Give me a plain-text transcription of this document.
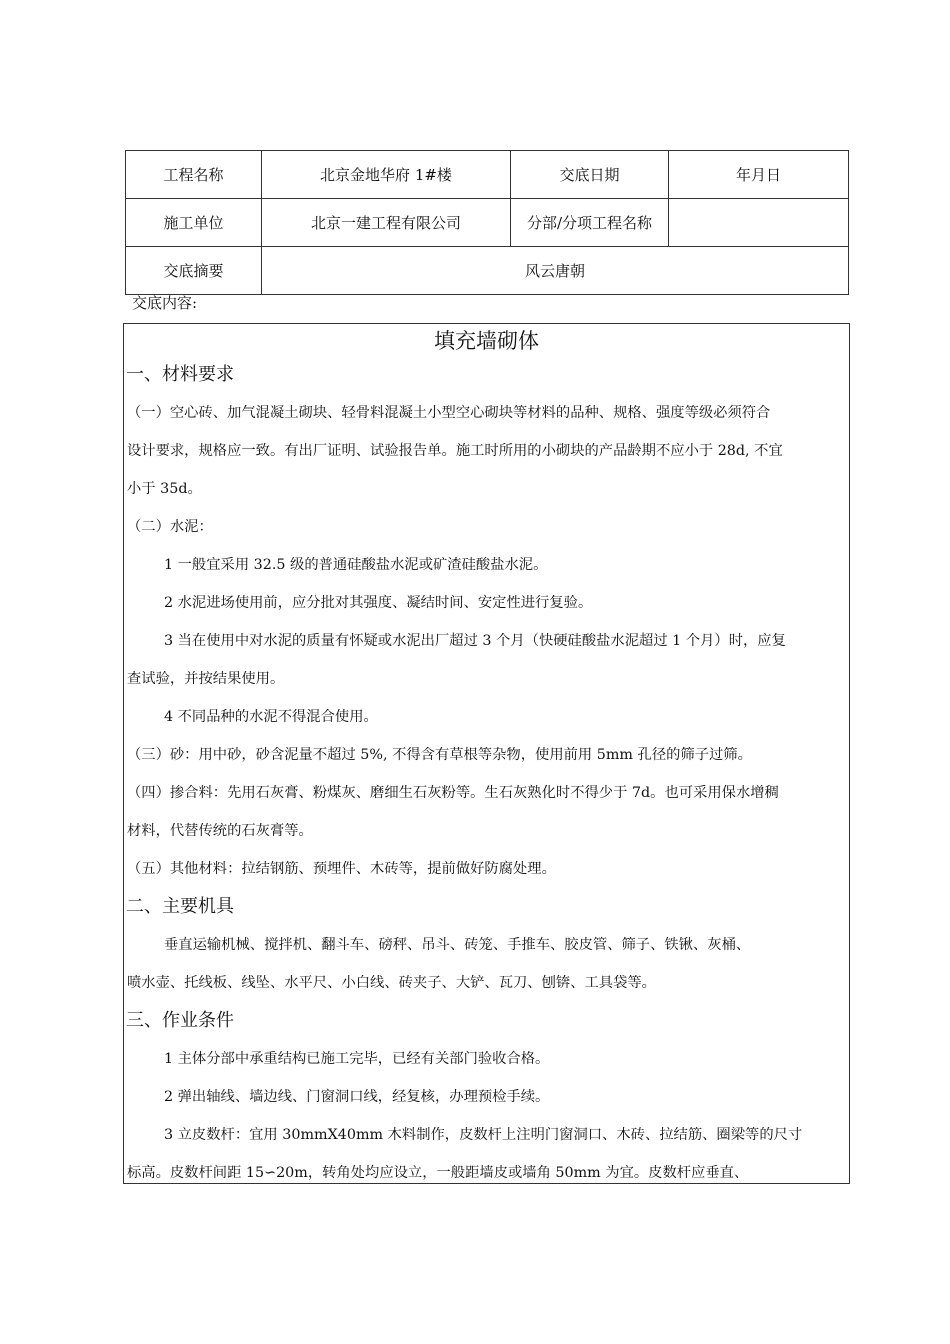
工程名称	北京金地华府 1#楼	交底日期	年月日
施工单位	北京一建工程有限公司	分部/分项工程名称	
交底摘要	风云唐朝		
交底内容:
填充墙砌体
一、材料要求
（一）空心砖、加气混凝土砌块、轻骨料混凝土小型空心砌块等材料的品种、规格、强度等级必须符合
设计要求，规格应一致。有出厂证明、试验报告单。施工时所用的小砌块的产品龄期不应小于 28d, 不宜
小于 35d。
（二）水泥：
1 一般宜采用 32.5 级的普通硅酸盐水泥或矿渣硅酸盐水泥。
2 水泥进场使用前，应分批对其强度、凝结时间、安定性进行复验。
3 当在使用中对水泥的质量有怀疑或水泥出厂超过 3 个月（快硬硅酸盐水泥超过 1 个月）时，应复
查试验，并按结果使用。
4 不同品种的水泥不得混合使用。
（三）砂：用中砂，砂含泥量不超过 5%, 不得含有草根等杂物，使用前用 5mm 孔径的筛子过筛。
（四）掺合料：先用石灰膏、粉煤灰、磨细生石灰粉等。生石灰熟化时不得少于 7d。也可采用保水增稠
材料，代替传统的石灰膏等。
（五）其他材料：拉结钢筋、预埋件、木砖等，提前做好防腐处理。
二、主要机具
垂直运输机械、搅拌机、翻斗车、磅秤、吊斗、砖笼、手推车、胶皮管、筛子、铁锹、灰桶、
喷水壶、托线板、线坠、水平尺、小白线、砖夹子、大铲、瓦刀、刨锛、工具袋等。
三、作业条件
1 主体分部中承重结构已施工完毕，已经有关部门验收合格。
2 弹出轴线、墙边线、门窗洞口线，经复核，办理预检手续。
3 立皮数杆：宜用 30mmX40mm 木料制作，皮数杆上注明门窗洞口、木砖、拉结筋、圈梁等的尺寸
标高。皮数杆间距 15∽20m，转角处均应设立，一般距墙皮或墙角 50mm 为宜。皮数杆应垂直、
